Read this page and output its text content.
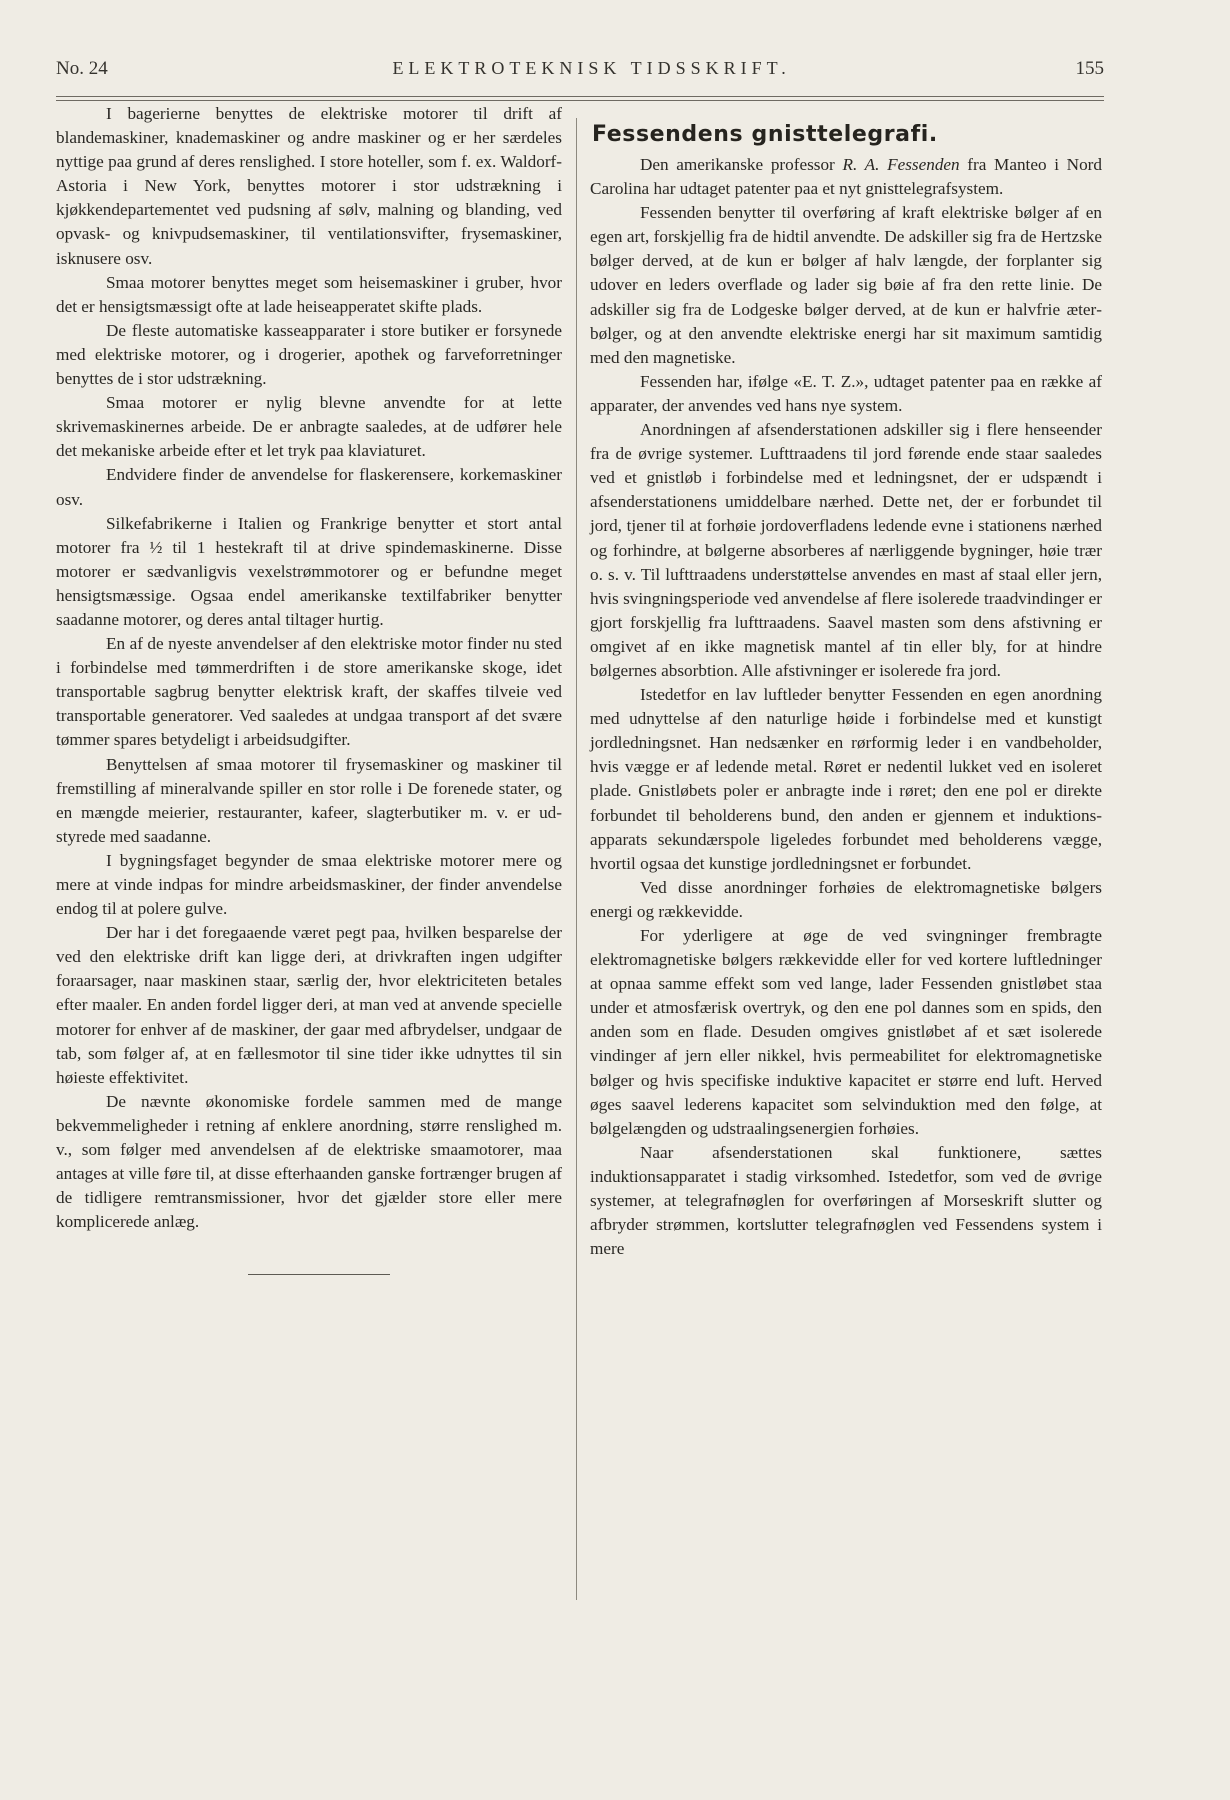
No. 24	ELEKTROTEKNISK TIDSSKRIFT.	155

I bagerierne benyttes de elektriske motorer til drift af blandemaskiner, knademaskiner og andre maskiner og er her særdeles nyttige paa grund af deres renslighed. I store hoteller, som f. ex. Waldorf-Astoria i New York, benyttes motorer i stor udstrækning i kjøkkendepartementet ved pudsning af sølv, malning og blanding, ved opvask- og knivpudsemaskiner, til ventilationsvifter, frysemaskiner, isknusere osv.

Smaa motorer benyttes meget som heisemaskiner i gruber, hvor det er hensigtsmæssigt ofte at lade heiseapperatet skifte plads.

De fleste automatiske kasseapparater i store butiker er forsynede med elektriske motorer, og i drogerier, apothek og farveforretninger benyttes de i stor udstrækning.

Smaa motorer er nylig blevne anvendte for at lette skrivemaskinernes arbeide. De er anbragte saaledes, at de udfører hele det mekaniske arbeide efter et let tryk paa klaviaturet.

Endvidere finder de anvendelse for flaskerensere, korkemaskiner osv.

Silkefabrikerne i Italien og Frankrige benytter et stort antal motorer fra ½ til 1 hestekraft til at drive spindemaskinerne. Disse motorer er sædvanligvis vexelstrømmotorer og er befundne meget hensigtsmæssige. Ogsaa endel amerikanske textilfabriker benytter saadanne motorer, og deres antal tiltager hurtig.

En af de nyeste anvendelser af den elektriske motor finder nu sted i forbindelse med tømmerdriften i de store amerikanske skoge, idet transportable sagbrug benytter elektrisk kraft, der skaffes tilveie ved transportable generatorer. Ved saaledes at undgaa transport af det svære tømmer spares betydeligt i arbeidsudgifter.

Benyttelsen af smaa motorer til frysemaskiner og maskiner til fremstilling af mineralvande spiller en stor rolle i De forenede stater, og en mængde meierier, restauranter, kafeer, slagterbutiker m. v. er udstyrede med saadanne.

I bygningsfaget begynder de smaa elektriske motorer mere og mere at vinde indpas for mindre arbeidsmaskiner, der finder anvendelse endog til at polere gulve.

Der har i det foregaaende været pegt paa, hvilken besparelse der ved den elektriske drift kan ligge deri, at drivkraften ingen udgifter foraarsager, naar maskinen staar, særlig der, hvor elektriciteten betales efter maaler. En anden fordel ligger deri, at man ved at anvende specielle motorer for enhver af de maskiner, der gaar med afbrydelser, undgaar de tab, som følger af, at en fællesmotor til sine tider ikke udnyttes til sin høieste effektivitet.

De nævnte økonomiske fordele sammen med de mange bekvemmeligheder i retning af enklere anordning, større renslighed m. v., som følger med anvendelsen af de elektriske smaamotorer, maa antages at ville føre til, at disse efterhaanden ganske fortrænger brugen af de tidligere remtransmissioner, hvor det gjælder store eller mere komplicerede anlæg.

Fessendens gnisttelegrafi.

Den amerikanske professor R. A. Fessenden fra Manteo i Nord Carolina har udtaget patenter paa et nyt gnisttelegrafsystem.

Fessenden benytter til overføring af kraft elektriske bølger af en egen art, forskjellig fra de hidtil anvendte. De adskiller sig fra de Hertzske bølger derved, at de kun er bølger af halv længde, der forplanter sig udover en leders overflade og lader sig bøie af fra den rette linie. De adskiller sig fra de Lodgeske bølger derved, at de kun er halvfrie æterbølger, og at den anvendte elektriske energi har sit maximum samtidig med den magnetiske.

Fessenden har, ifølge «E. T. Z.», udtaget patenter paa en række af apparater, der anvendes ved hans nye system.

Anordningen af afsenderstationen adskiller sig i flere henseender fra de øvrige systemer. Lufttraadens til jord førende ende staar saaledes ved et gnistløb i forbindelse med et ledningsnet, der er udspændt i afsenderstationens umiddelbare nærhed. Dette net, der er forbundet til jord, tjener til at forhøie jordoverfladens ledende evne i stationens nærhed og forhindre, at bølgerne absorberes af nærliggende bygninger, høie trær o. s. v. Til lufttraadens understøttelse anvendes en mast af staal eller jern, hvis svingningsperiode ved anvendelse af flere isolerede traadvindinger er gjort forskjellig fra lufttraadens. Saavel masten som dens afstivning er omgivet af en ikke magnetisk mantel af tin eller bly, for at hindre bølgernes absorbtion. Alle afstivninger er isolerede fra jord.

Istedetfor en lav luftleder benytter Fessenden en egen anordning med udnyttelse af den naturlige høide i forbindelse med et kunstigt jordledningsnet. Han nedsænker en rørformig leder i en vandbeholder, hvis vægge er af ledende metal. Røret er nedentil lukket ved en isoleret plade. Gnistløbets poler er anbragte inde i røret; den ene pol er direkte forbundet til beholderens bund, den anden er gjennem et induktionsapparats sekundærspole ligeledes forbundet med beholderens vægge, hvortil ogsaa det kunstige jordledningsnet er forbundet.

Ved disse anordninger forhøies de elektromagnetiske bølgers energi og rækkevidde.

For yderligere at øge de ved svingninger frembragte elektromagnetiske bølgers rækkevidde eller for ved kortere luftledninger at opnaa samme effekt som ved lange, lader Fessenden gnistløbet staa under et atmosfærisk overtryk, og den ene pol dannes som en spids, den anden som en flade. Desuden omgives gnistløbet af et sæt isolerede vindinger af jern eller nikkel, hvis permeabilitet for elektromagnetiske bølger og hvis specifiske induktive kapacitet er større end luft. Herved øges saavel lederens kapacitet som selvinduktion med den følge, at bølgelængden og udstraalingsenergien forhøies.

Naar afsenderstationen skal funktionere, sættes induktionsapparatet i stadig virksomhed. Istedetfor, som ved de øvrige systemer, at telegrafnøglen for overføringen af Morseskrift slutter og afbryder strømmen, kortslutter telegrafnøglen ved Fessendens system i mere
